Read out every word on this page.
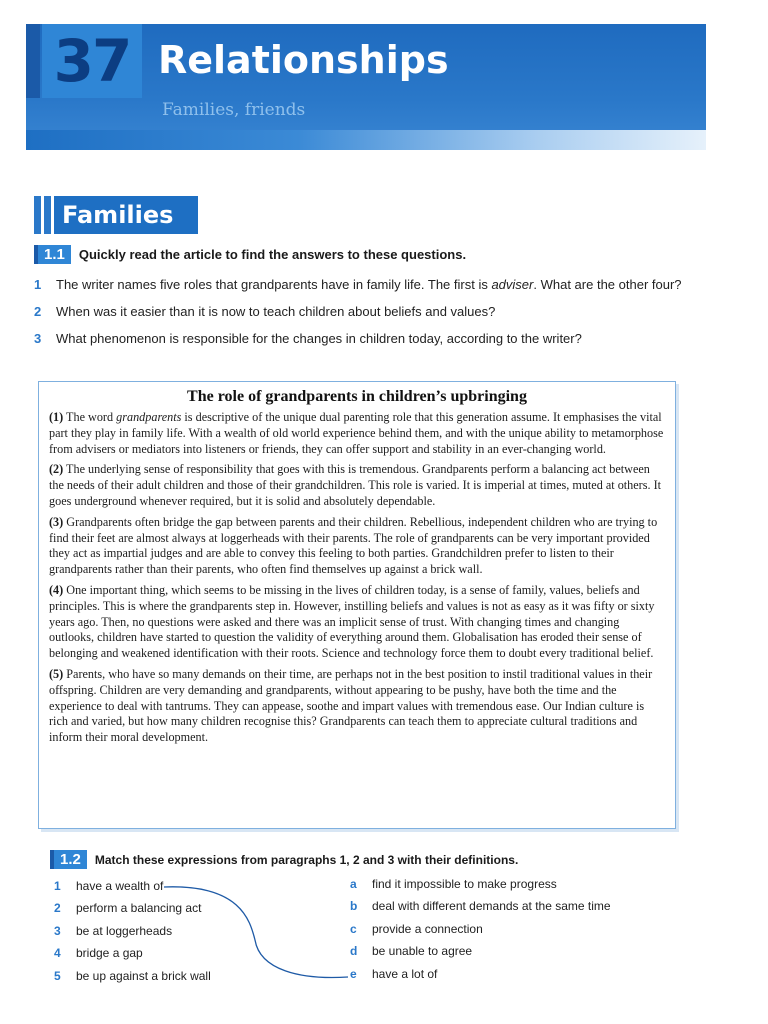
37 Relationships
Families, friends
Families
1.1	Quickly read the article to find the answers to these questions.
1	The writer names five roles that grandparents have in family life. The first is adviser. What are the other four?
2	When was it easier than it is now to teach children about beliefs and values?
3	What phenomenon is responsible for the changes in children today, according to the writer?
The role of grandparents in children’s upbringing

(1) The word grandparents is descriptive of the unique dual parenting role that this generation assume. It emphasises the vital part they play in family life. With a wealth of old world experience behind them, and with the unique ability to metamorphose from advisers or mediators into listeners or friends, they can offer support and stability in an ever-changing world.

(2) The underlying sense of responsibility that goes with this is tremendous. Grandparents perform a balancing act between the needs of their adult children and those of their grandchildren. This role is varied. It is imperial at times, muted at others. It goes underground whenever required, but it is solid and absolutely dependable.

(3) Grandparents often bridge the gap between parents and their children. Rebellious, independent children who are trying to find their feet are almost always at loggerheads with their parents. The role of grandparents can be very important provided they act as impartial judges and are able to convey this feeling to both parties. Grandchildren prefer to listen to their grandparents rather than their parents, who often find themselves up against a brick wall.

(4) One important thing, which seems to be missing in the lives of children today, is a sense of family, values, beliefs and principles. This is where the grandparents step in. However, instilling beliefs and values is not as easy as it was fifty or sixty years ago. Then, no questions were asked and there was an implicit sense of trust. With changing times and changing outlooks, children have started to question the validity of everything around them. Globalisation has eroded their sense of belonging and weakened identification with their roots. Science and technology force them to doubt every traditional belief.

(5) Parents, who have so many demands on their time, are perhaps not in the best position to instil traditional values in their offspring. Children are very demanding and grandparents, without appearing to be pushy, have both the time and the experience to deal with tantrums. They can appease, soothe and impart values with tremendous ease. Our Indian culture is rich and varied, but how many children recognise this? Grandparents can teach them to appreciate cultural traditions and inform their moral development.

1.2	Match these expressions from paragraphs 1, 2 and 3 with their definitions.
1	have a wealth of
2	perform a balancing act
3	be at loggerheads
4	bridge a gap
5	be up against a brick wall
a	find it impossible to make progress
b	deal with different demands at the same time
c	provide a connection
d	be unable to agree
e	have a lot of
